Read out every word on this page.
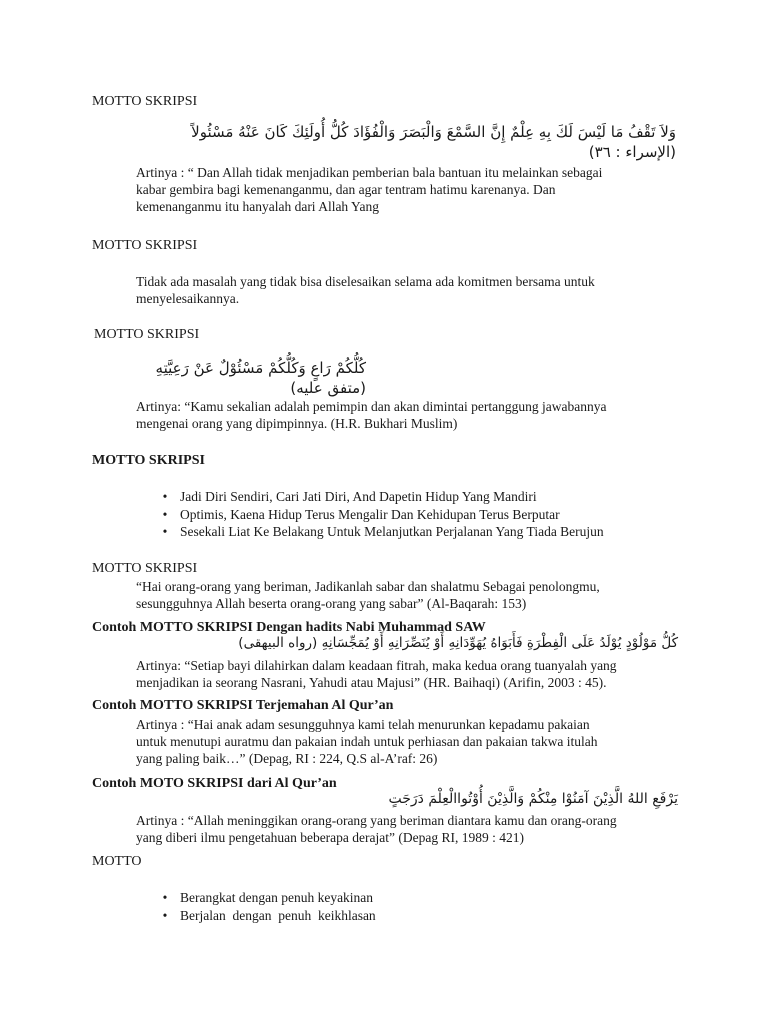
MOTTO SKRIPSI
وَلاَ تَقْفُ مَا لَيْسَ لَكَ بِهِ عِلْمٌ إِنَّ السَّمْعَ وَالْبَصَرَ وَالْفُؤَادَ كُلُّ أُولَئِكَ كَانَ عَنْهُ مَسْئُولاً (الإسراء : ٣٦)
Artinya : “ Dan Allah tidak menjadikan pemberian bala bantuan itu melainkan sebagai
kabar gembira bagi kemenanganmu, dan agar tentram hatimu karenanya. Dan
kemenanganmu itu hanyalah dari Allah Yang
MOTTO SKRIPSI
Tidak ada masalah yang tidak bisa diselesaikan selama ada komitmen bersama untuk
menyelesaikannya.
MOTTO SKRIPSI
كُلُّكُمْ رَاعٍ وَكُلُّكُمْ مَسْئُوْلٌ عَنْ رَعِيَّتِهِ (متفق عليه)
Artinya: “Kamu sekalian adalah pemimpin dan akan dimintai pertanggung jawabannya
mengenai orang yang dipimpinnya. (H.R. Bukhari Muslim)
MOTTO SKRIPSI
• Jadi Diri Sendiri, Cari Jati Diri, And Dapetin Hidup Yang Mandiri
• Optimis, Kaena Hidup Terus Mengalir Dan Kehidupan Terus Berputar
• Sesekali Liat Ke Belakang Untuk Melanjutkan Perjalanan Yang Tiada Berujun
MOTTO SKRIPSI
“Hai orang-orang yang beriman, Jadikanlah sabar dan shalatmu Sebagai penolongmu,
sesungguhnya Allah beserta orang-orang yang sabar” (Al-Baqarah: 153)
Contoh MOTTO SKRIPSI Dengan hadits Nabi Muhammad SAW
كُلُّ مَوْلُوْدٍ يُوْلَدُ عَلَى الْفِطْرَةِ فَأَبَوَاهُ يُهَوِّدَانِهِ أَوْ يُنَصِّرَانِهِ أَوْ يُمَجِّسَانِهِ (رواه البيهقى)
Artinya: “Setiap bayi dilahirkan dalam keadaan fitrah, maka kedua orang tuanyalah yang
menjadikan ia seorang Nasrani, Yahudi atau Majusi” (HR. Baihaqi) (Arifin, 2003 : 45).
Contoh MOTTO SKRIPSI Terjemahan Al Qur’an
Artinya : “Hai anak adam sesungguhnya kami telah menurunkan kepadamu pakaian
untuk menutupi auratmu dan pakaian indah untuk perhiasan dan pakaian takwa itulah
yang paling baik…” (Depag, RI : 224, Q.S al-A’raf: 26)
Contoh MOTO SKRIPSI dari Al Qur’an
يَرْفَعِ اللهُ الَّذِيْنَ آمَنُوْا مِنْكُمْ وَالَّذِيْنَ أُوْتُواالْعِلْمَ دَرَجَتٍ
Artinya : “Allah meninggikan orang-orang yang beriman diantara kamu dan orang-orang
yang diberi ilmu pengetahuan beberapa derajat” (Depag RI, 1989 : 421)
MOTTO
• Berangkat dengan penuh keyakinan
• Berjalan  dengan  penuh  keikhlasan
